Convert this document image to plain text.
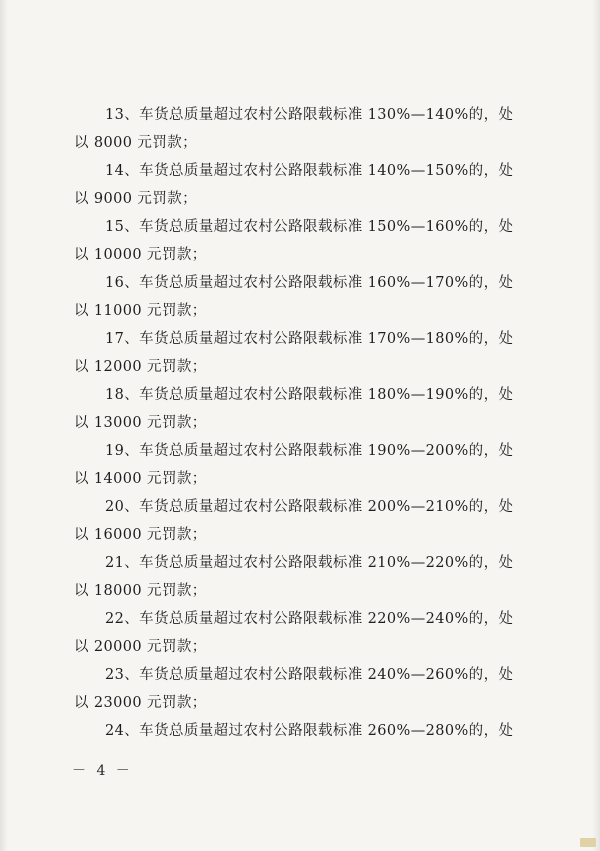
13、车货总质量超过农村公路限载标准 130%—140%的，处
以 8000 元罚款；
14、车货总质量超过农村公路限载标准 140%—150%的，处
以 9000 元罚款；
15、车货总质量超过农村公路限载标准 150%—160%的，处
以 10000 元罚款；
16、车货总质量超过农村公路限载标准 160%—170%的，处
以 11000 元罚款；
17、车货总质量超过农村公路限载标准 170%—180%的，处
以 12000 元罚款；
18、车货总质量超过农村公路限载标准 180%—190%的，处
以 13000 元罚款；
19、车货总质量超过农村公路限载标准 190%—200%的，处
以 14000 元罚款；
20、车货总质量超过农村公路限载标准 200%—210%的，处
以 16000 元罚款；
21、车货总质量超过农村公路限载标准 210%—220%的，处
以 18000 元罚款；
22、车货总质量超过农村公路限载标准 220%—240%的，处
以 20000 元罚款；
23、车货总质量超过农村公路限载标准 240%—260%的，处
以 23000 元罚款；
24、车货总质量超过农村公路限载标准 260%—280%的，处
－ 4 －
